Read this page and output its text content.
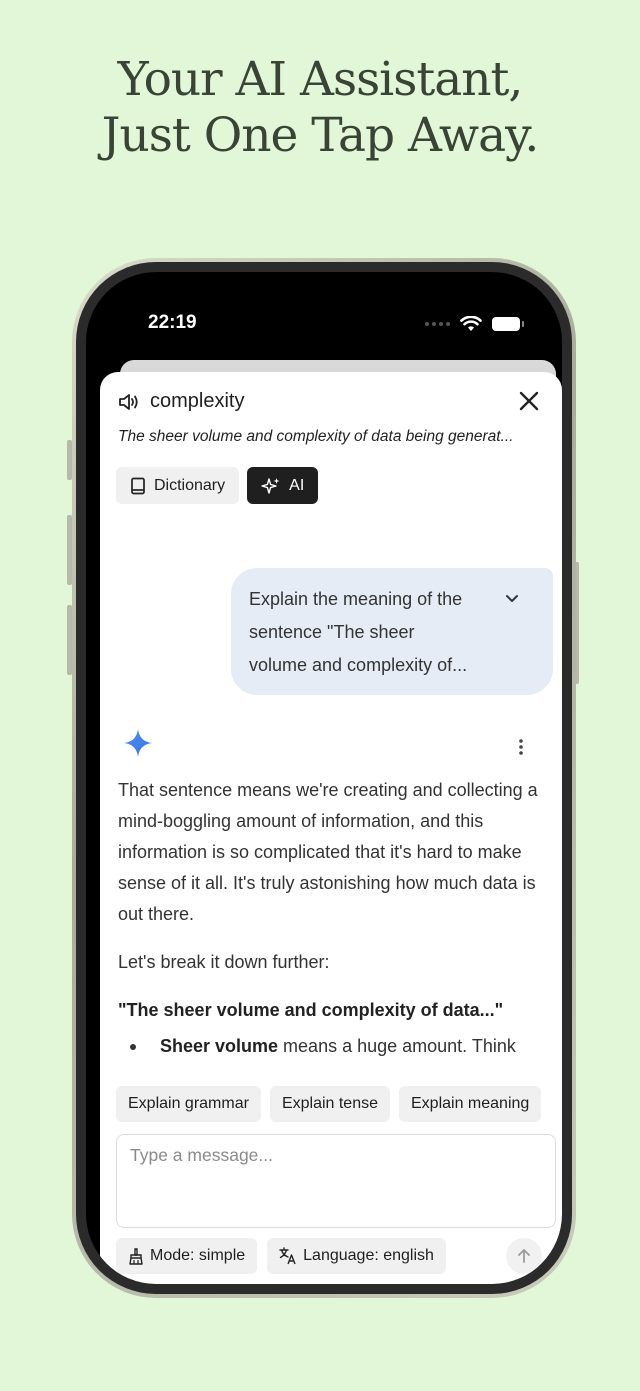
Your AI Assistant,
Just One Tap Away.
22:19
complexity
The sheer volume and complexity of data being generat...
Dictionary	AI
Explain the meaning of the
sentence "The sheer
volume and complexity of...

That sentence means we're creating and collecting a mind-boggling amount of information, and this information is so complicated that it's hard to make sense of it all. It's truly astonishing how much data is out there.

Let's break it down further:

"The sheer volume and complexity of data..."
Sheer volume means a huge amount. Think
Explain grammar	Explain tense	Explain meaning
Type a message...
Mode: simple	Language: english
